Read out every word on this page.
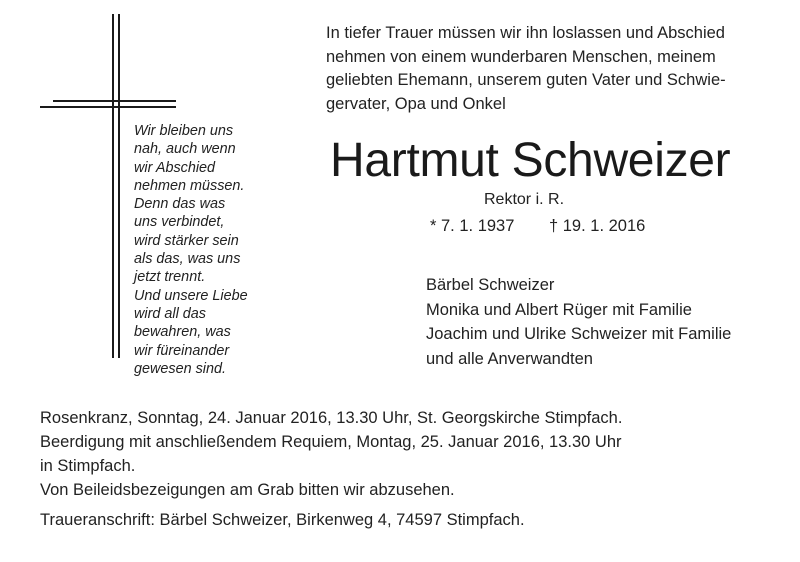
Wir bleiben uns
nah, auch wenn
wir Abschied
nehmen müssen.
Denn das was
uns verbindet,
wird stärker sein
als das, was uns
jetzt trennt.
Und unsere Liebe
wird all das
bewahren, was
wir füreinander
gewesen sind.
In tiefer Trauer müssen wir ihn loslassen und Abschied
nehmen von einem wunderbaren Menschen, meinem
geliebten Ehemann, unserem guten Vater und Schwie-
gervater, Opa und Onkel
Hartmut Schweizer
Rektor i. R.
* 7. 1. 1937 † 19. 1. 2016
Bärbel Schweizer
Monika und Albert Rüger mit Familie
Joachim und Ulrike Schweizer mit Familie
und alle Anverwandten
Rosenkranz, Sonntag, 24. Januar 2016, 13.30 Uhr, St. Georgskirche Stimpfach.
Beerdigung mit anschließendem Requiem, Montag, 25. Januar 2016, 13.30 Uhr
in Stimpfach.
Von Beileidsbezeigungen am Grab bitten wir abzusehen.
Traueranschrift: Bärbel Schweizer, Birkenweg 4, 74597 Stimpfach.
